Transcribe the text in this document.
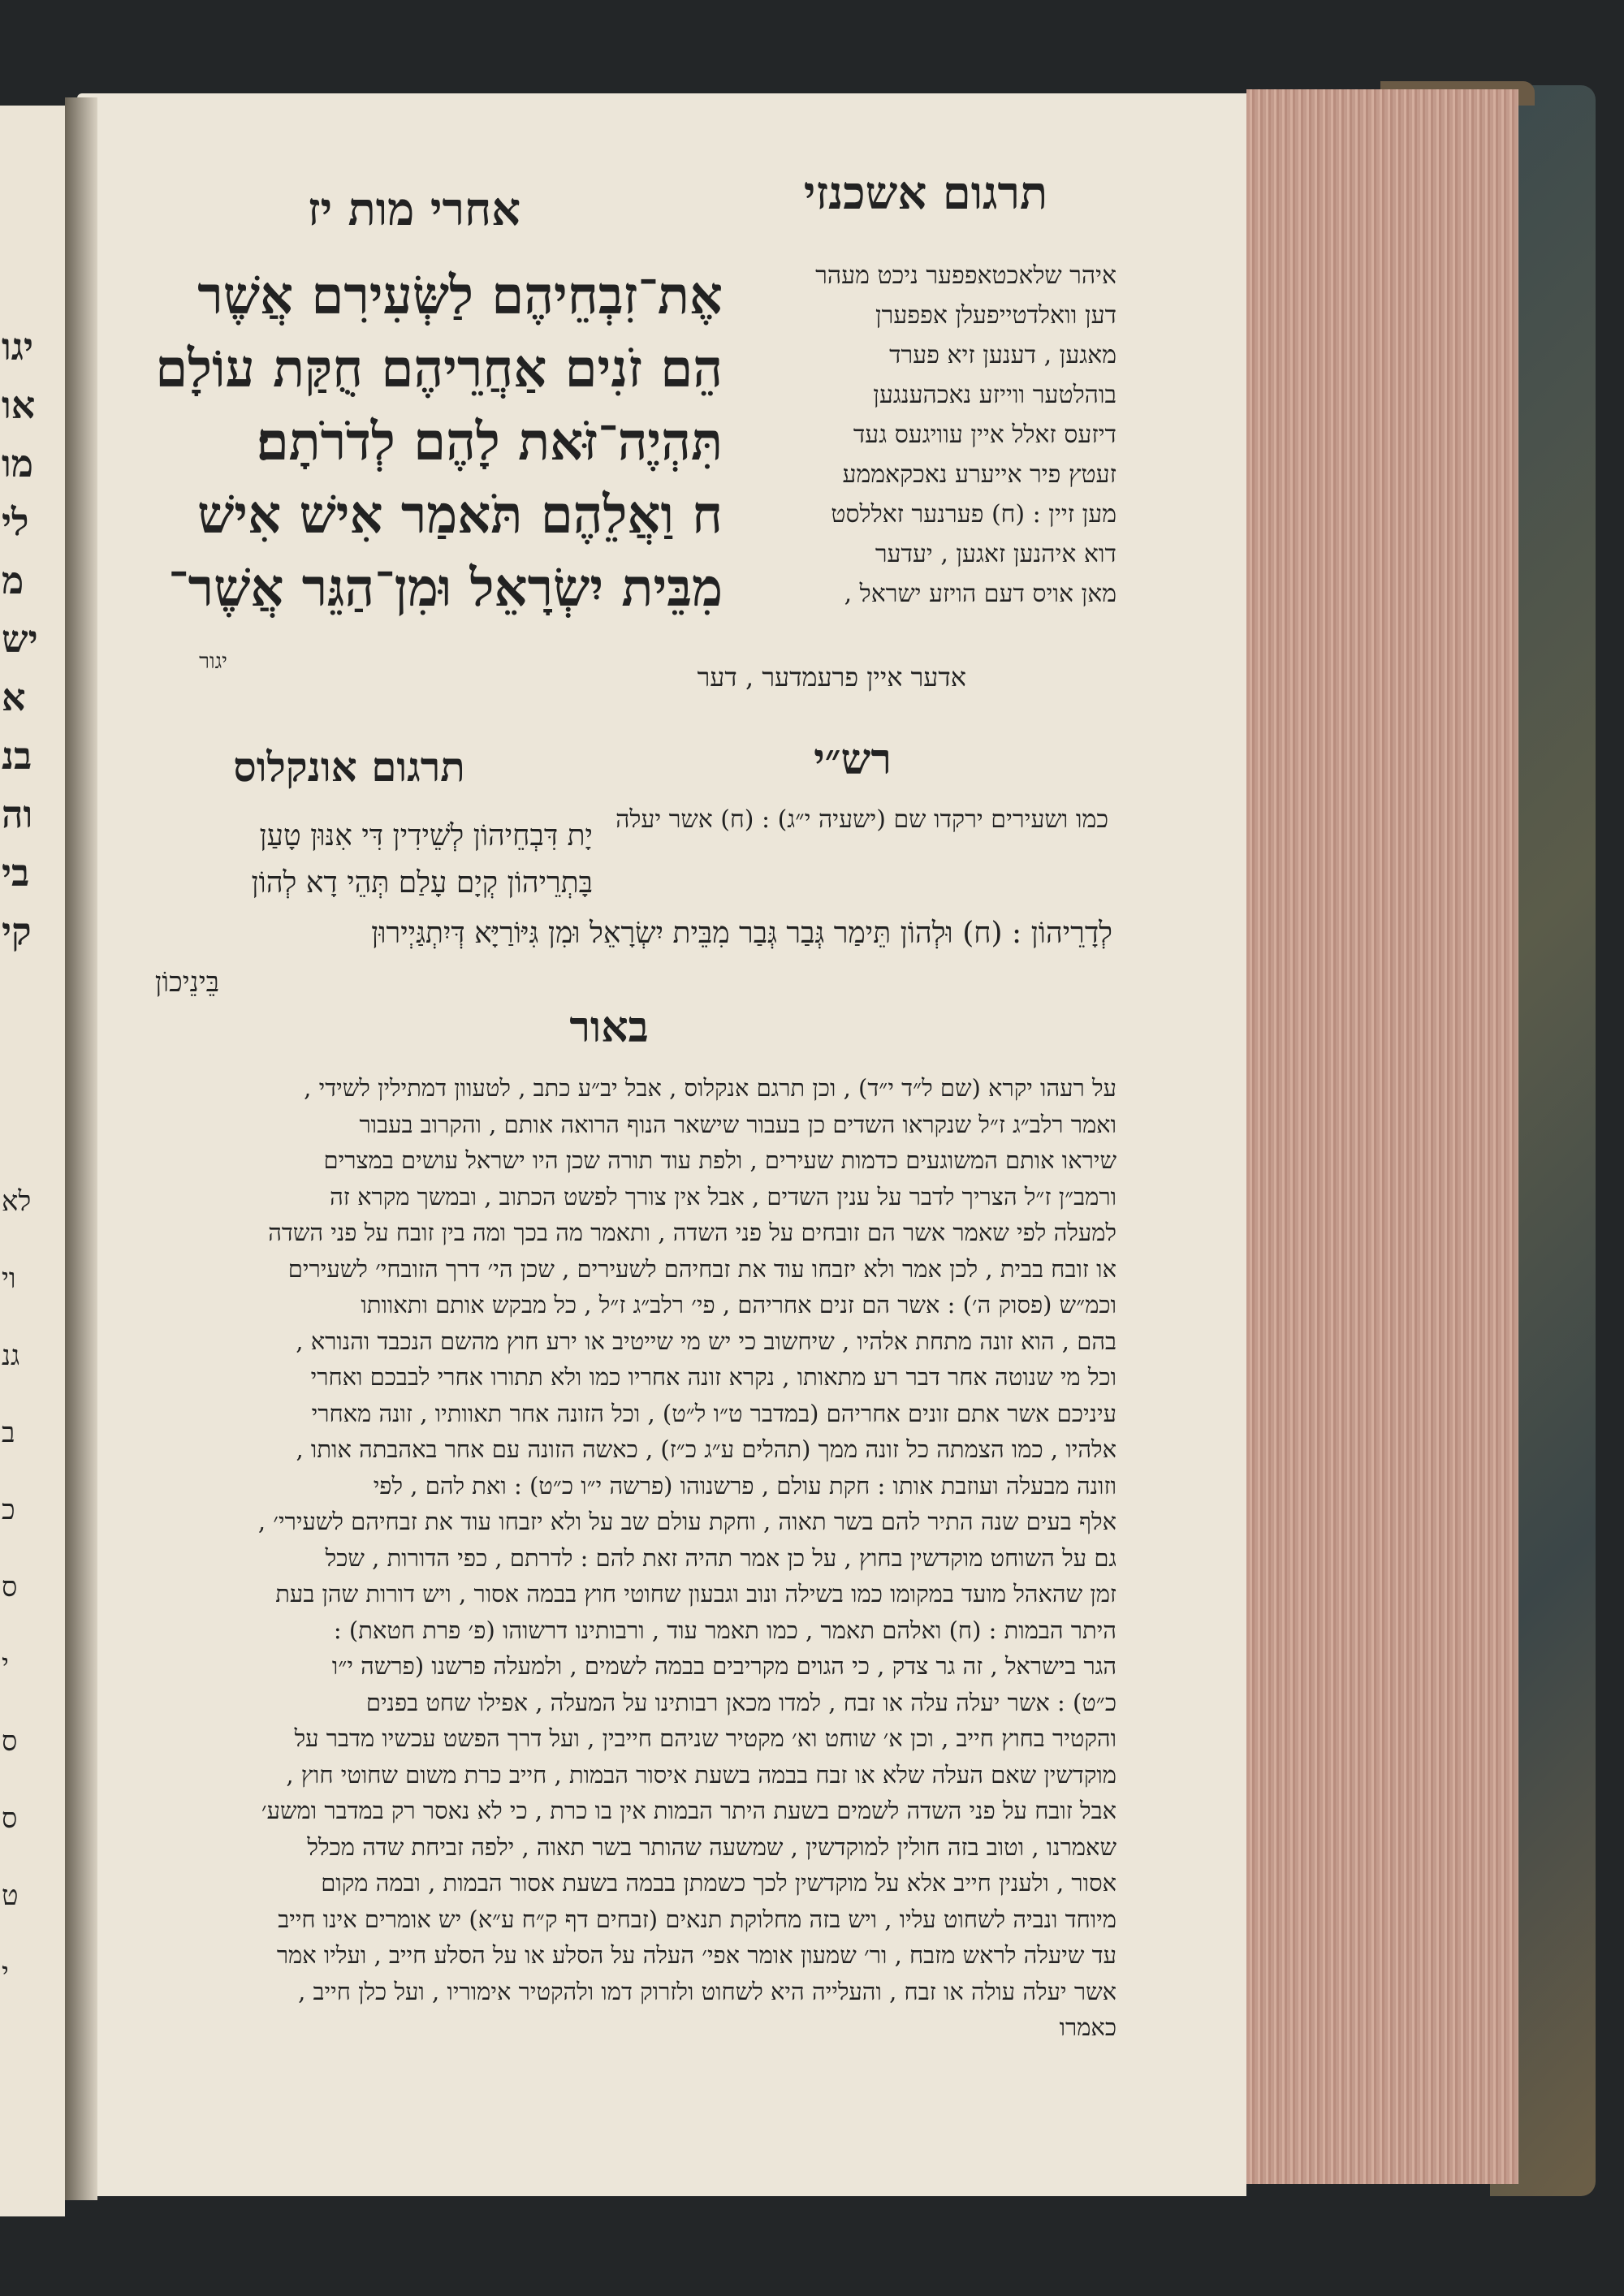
יגו
או
מו
לי
מ
יש
א
בנ
וה
בי
קי
לא
וי
גנ
ב
כ
ס
י
ס
ס
ט
י
תרגום אשכנזי
אחרי מות יז
אֶת־זִבְחֵיהֶם לַשְּׂעִירִם אֲשֶׁר
הֵם זֹנִים אַחֲרֵיהֶם חֻקַּת עוֹלָם
תִּהְיֶה־זֹּאת לָהֶם לְדֹרֹתָם׃
ח וַאֲלֵהֶם תֹּאמַר אִישׁ אִישׁ
מִבֵּית יִשְׂרָאֵל וּמִן־הַגֵּר אֲשֶׁר־
איהר שלאכטאפפער ניכט מעהר
דען וואלדטייפעלן אפפערן
מאגען , דענען זיא פערד
בוהלטער ווייזע נאכהענגען
דיזעס זאלל איין עוויגעס געד
זעטץ פיר אייערע נאכקאממע
מען זיין : (ח) פערנער זאללסט
דוא איהנען זאגען , יעדער
מאן אויס דעם הויזע ישראל ,
אדער איין פרעמדער , דער
יגור
רש״י
תרגום אונקלוס
כמו ושעירים ירקדו שם (ישעיה י״ג) : (ח) אשר יעלה
יָת דִּבְחֵיהוֹן לְשֵׁידִין דִּי אִנּוּן טָעַן
בָּתְרֵיהוֹן קְיָם עָלַם תְּהֵי דָא לְהוֹן
לְדָרֵיהוֹן : (ח) וּלְהוֹן תֵּימַר גְּבַר גְּבַר מִבֵּית יִשְׂרָאֵל וּמִן גִּיּוֹרַיָּא דְּיִתְגַּיְירוּן
בֵּינֵיכוֹן
באור
על רעהו יקרא (שם ל״ד י״ד) , וכן תרגם אנקלוס , אבל יב״ע כתב , לטעוון דמתילין לשידי ,
ואמר רלב״ג ז״ל שנקראו השדים כן בעבור שישאר הנוף הרואה אותם , והקרוב בעבור
שיראו אותם המשוגעים כדמות שעירים , ולפת עוד תורה שכן היו ישראל עושים במצרים
ורמב״ן ז״ל הצריך לדבר על ענין השדים , אבל אין צורך לפשט הכתוב , ובמשך מקרא זה
למעלה לפי שאמר אשר הם זובחים על פני השדה , ותאמר מה בכך ומה בין זובח על פני השדה
או זובח בבית , לכן אמר ולא יזבחו עוד את זבחיהם לשעירים , שכן הי׳ דרך הזובחי׳ לשעירים
וכמ״ש (פסוק ה׳) : אשר הם זנים אחריהם , פי׳ רלב״ג ז״ל , כל מבקש אותם ותאוותו
בהם , הוא זונה מתחת אלהיו , שיחשוב כי יש מי שייטיב או ירע חוץ מהשם הנכבד והנורא ,
וכל מי שנוטה אחר דבר רע מתאותו , נקרא זונה אחריו כמו ולא תתורו אחרי לבבכם ואחרי
עיניכם אשר אתם זונים אחריהם (במדבר ט״ו ל״ט) , וכל הזונה אחר תאוותיו , זונה מאחרי
אלהיו , כמו הצמתה כל זונה ממך (תהלים ע״ג כ״ז) , כאשה הזונה עם אחר באהבתה אותו ,
וזונה מבעלה ועוזבת אותו : חקת עולם , פרשנוהו (פרשה י״ו כ״ט) : ואת להם , לפי
אלף בעים שנה התיר להם בשר תאוה , וחקת עולם שב על ולא יזבחו עוד את זבחיהם לשעירי׳ ,
גם על השוחט מוקדשין בחוץ , על כן אמר תהיה זאת להם : לדרתם , כפי הדורות , שכל
זמן שהאהל מועד במקומו כמו בשילה ונוב וגבעון שחוטי חוץ בבמה אסור , ויש דורות שהן בעת
היתר הבמות : (ח) ואלהם תאמר , כמו תאמר עוד , ורבותינו דרשוהו (פ׳ פרת חטאת) :
הגר בישראל , זה גר צדק , כי הגוים מקריבים בבמה לשמים , ולמעלה פרשנו (פרשה י״ו
כ״ט) : אשר יעלה עלה או זבח , למדו מכאן רבותינו על המעלה , אפילו שחט בפנים
והקטיר בחוץ חייב , וכן א׳ שוחט וא׳ מקטיר שניהם חייבין , ועל דרך הפשט עכשיו מדבר על
מוקדשין שאם העלה שלא או זבח בבמה בשעת איסור הבמות , חייב כרת משום שחוטי חוץ ,
אבל זובח על פני השדה לשמים בשעת היתר הבמות אין בו כרת , כי לא נאסר רק במדבר ומשע׳
שאמרנו , וטוב בזה חולין למוקדשין , שמשעה שהותר בשר תאוה , ילפה זביחת שדה מכלל
אסור , ולענין חייב אלא על מוקדשין לכך כשמתן בבמה בשעת אסור הבמות , ובמה מקום
מיוחד ונביה לשחוט עליו , ויש בזה מחלוקת תנאים (זבחים דף ק״ח ע״א) יש אומרים אינו חייב
עד שיעלה לראש מזבח , ור׳ שמעון אומר אפי׳ העלה על הסלע או על הסלע חייב , ועליו אמר
אשר יעלה עולה או זבח , והעלייה היא לשחוט ולזרוק דמו ולהקטיר אימוריו , ועל כלן חייב ,
כאמרו
